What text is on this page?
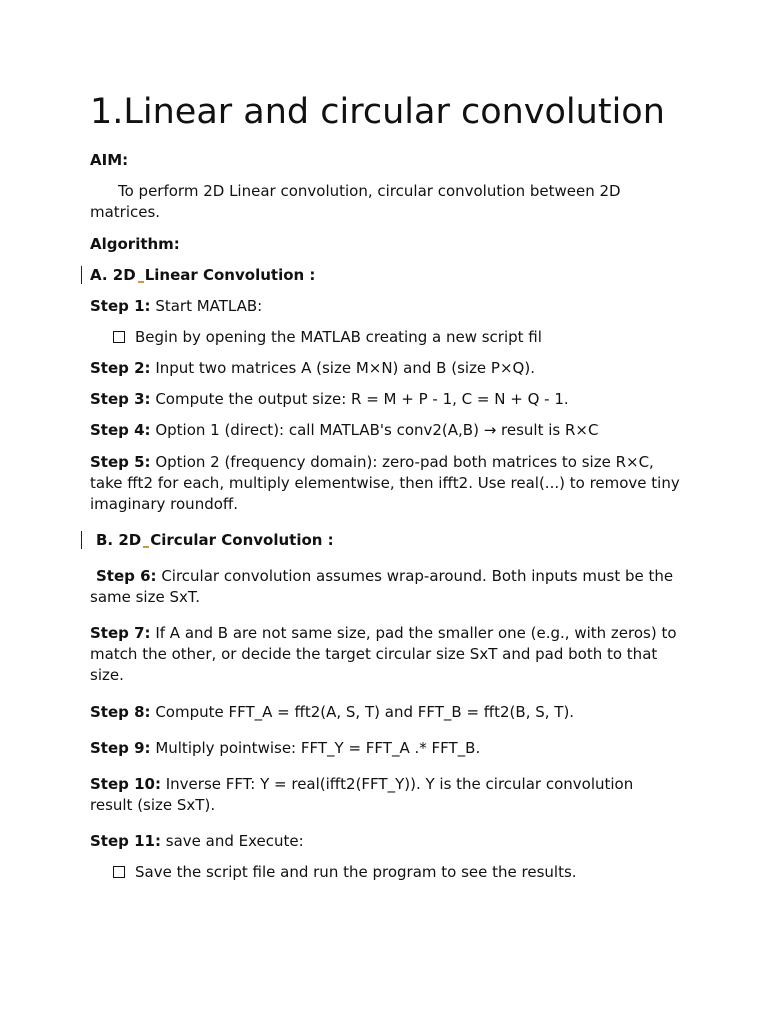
1.Linear and circular convolution

AIM:

To perform 2D Linear convolution, circular convolution between 2D matrices.

Algorithm:

A. 2D Linear Convolution :

Step 1: Start MATLAB:

Begin by opening the MATLAB creating a new script fil

Step 2: Input two matrices A (size M×N) and B (size P×Q).

Step 3: Compute the output size: R = M + P - 1, C = N + Q - 1.

Step 4: Option 1 (direct): call MATLAB's conv2(A,B) → result is R×C

Step 5: Option 2 (frequency domain): zero-pad both matrices to size R×C, take fft2 for each, multiply elementwise, then ifft2. Use real(...) to remove tiny imaginary roundoff.

B. 2D Circular Convolution :

Step 6: Circular convolution assumes wrap-around. Both inputs must be the same size SxT.

Step 7: If A and B are not same size, pad the smaller one (e.g., with zeros) to match the other, or decide the target circular size SxT and pad both to that size.

Step 8: Compute FFT_A = fft2(A, S, T) and FFT_B = fft2(B, S, T).

Step 9: Multiply pointwise: FFT_Y = FFT_A .* FFT_B.

Step 10: Inverse FFT: Y = real(ifft2(FFT_Y)). Y is the circular convolution result (size SxT).

Step 11: save and Execute:

Save the script file and run the program to see the results.
